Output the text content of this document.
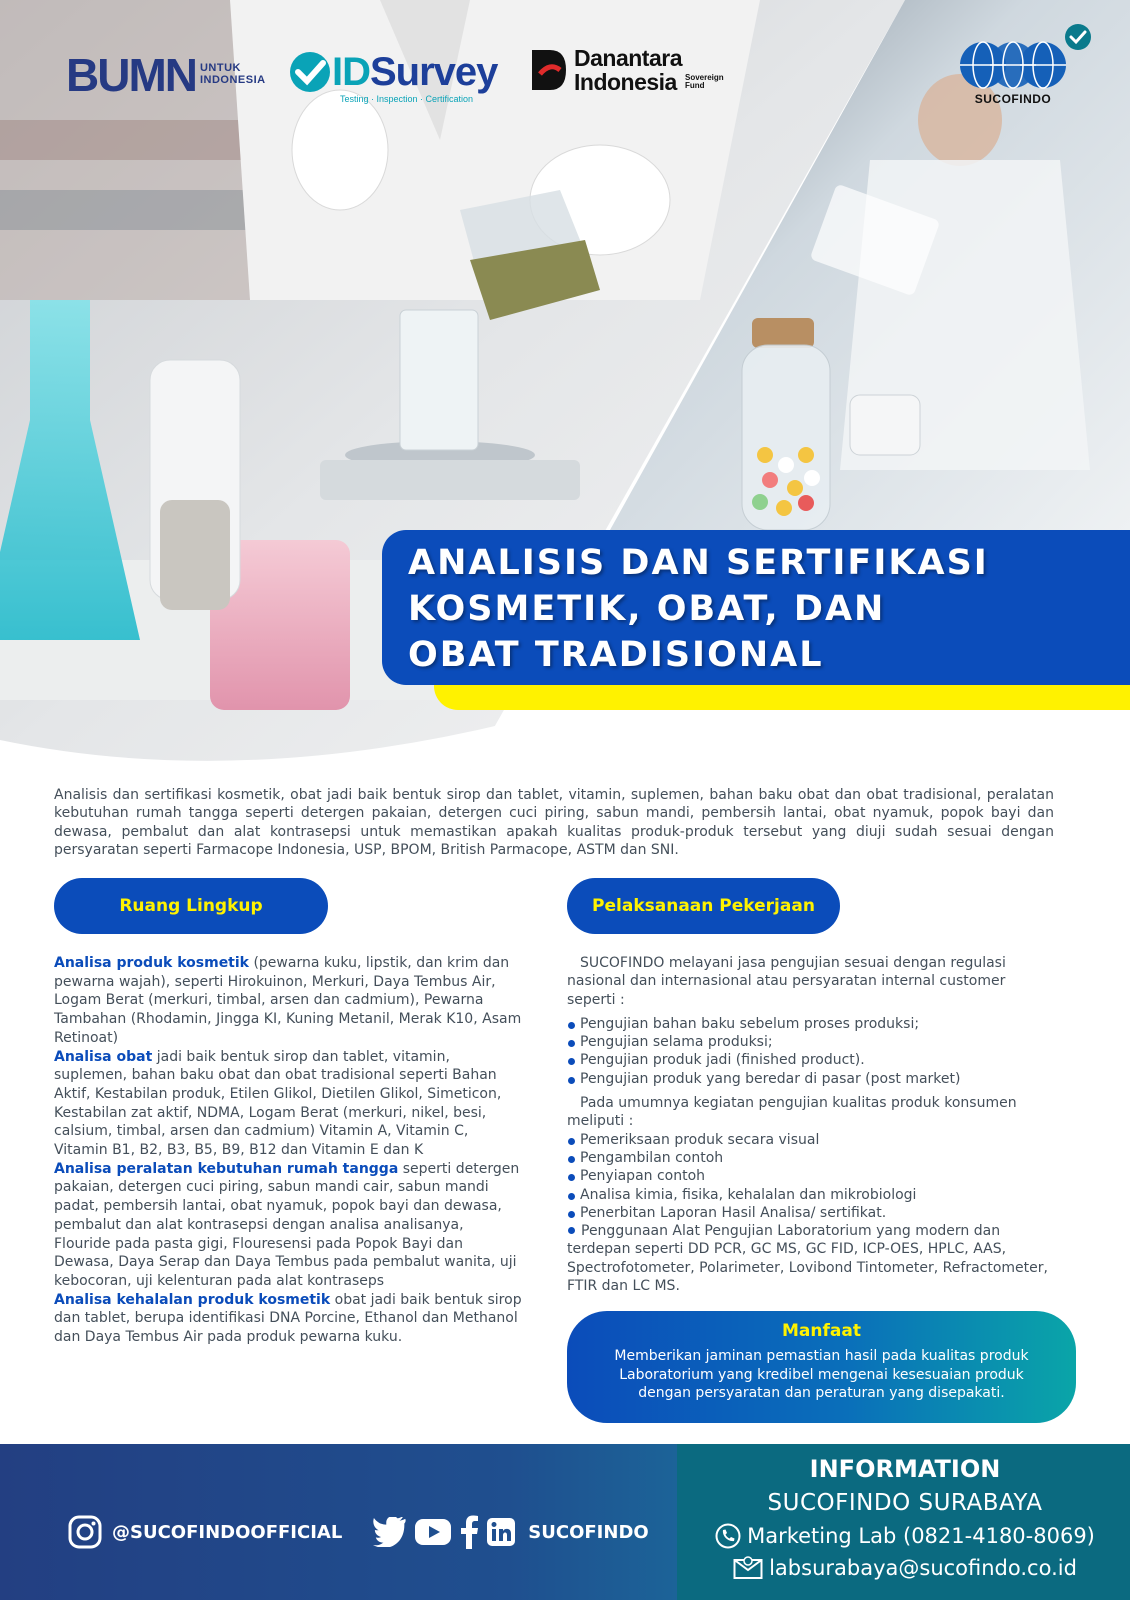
BUMN UNTUK
INDONESIA IDSurvey
Testing · Inspection · Certification
Danantara
Indonesia	Sovereign
Fund
SUCOFINDO
ANALISIS DAN SERTIFIKASI
KOSMETIK, OBAT, DAN
OBAT TRADISIONAL

Analisis dan sertifikasi kosmetik, obat jadi baik bentuk sirop dan tablet, vitamin, suplemen, bahan baku obat dan obat tradisional, peralatan kebutuhan rumah tangga seperti detergen pakaian, detergen cuci piring, sabun mandi, pembersih lantai, obat nyamuk, popok bayi dan dewasa, pembalut dan alat kontrasepsi untuk memastikan apakah kualitas produk-produk tersebut yang diuji sudah sesuai dengan persyaratan seperti Farmacope Indonesia, USP, BPOM, British Parmacope, ASTM dan SNI.

Ruang Lingkup	Pelaksanaan Pekerjaan

Analisa produk kosmetik (pewarna kuku, lipstik, dan krim dan pewarna wajah), seperti Hirokuinon, Merkuri, Daya Tembus Air, Logam Berat (merkuri, timbal, arsen dan cadmium), Pewarna Tambahan (Rhodamin, Jingga KI, Kuning Metanil, Merak K10, Asam Retinoat)

Analisa obat jadi baik bentuk sirop dan tablet, vitamin, suplemen, bahan baku obat dan obat tradisional seperti Bahan Aktif, Kestabilan produk, Etilen Glikol, Dietilen Glikol, Simeticon, Kestabilan zat aktif, NDMA, Logam Berat (merkuri, nikel, besi, calsium, timbal, arsen dan cadmium) Vitamin A, Vitamin C, Vitamin B1, B2, B3, B5, B9, B12 dan Vitamin E dan K

Analisa peralatan kebutuhan rumah tangga seperti detergen pakaian, detergen cuci piring, sabun mandi cair, sabun mandi padat, pembersih lantai, obat nyamuk, popok bayi dan dewasa, pembalut dan alat kontrasepsi dengan analisa analisanya, Flouride pada pasta gigi, Flouresensi pada Popok Bayi dan Dewasa, Daya Serap dan Daya Tembus pada pembalut wanita, uji kebocoran, uji kelenturan pada alat kontraseps

Analisa kehalalan produk kosmetik obat jadi baik bentuk sirop dan tablet, berupa identifikasi DNA Porcine, Ethanol dan Methanol dan Daya Tembus Air pada produk pewarna kuku.

SUCOFINDO melayani jasa pengujian sesuai dengan regulasi nasional dan internasional atau persyaratan internal customer seperti :

Pengujian bahan baku sebelum proses produksi;
Pengujian selama produksi;
Pengujian produk jadi (finished product).
Pengujian produk yang beredar di pasar (post market)

Pada umumnya kegiatan pengujian kualitas produk konsumen meliputi :

Pemeriksaan produk secara visual
Pengambilan contoh
Penyiapan contoh
Analisa kimia, fisika, kehalalan dan mikrobiologi
Penerbitan Laporan Hasil Analisa/ sertifikat.
Penggunaan Alat Pengujian Laboratorium yang modern dan terdepan seperti DD PCR, GC MS, GC FID, ICP-OES, HPLC, AAS, Spectrofotometer, Polarimeter, Lovibond Tintometer, Refractometer, FTIR dan LC MS.
Manfaat
Memberikan jaminan pemastian hasil pada kualitas produk Laboratorium yang kredibel mengenai kesesuaian produk dengan persyaratan dan peraturan yang disepakati.
@SUCOFINDOOFFICIAL	SUCOFINDO
INFORMATION
SUCOFINDO SURABAYA
Marketing Lab (0821-4180-8069)
labsurabaya@sucofindo.co.id
